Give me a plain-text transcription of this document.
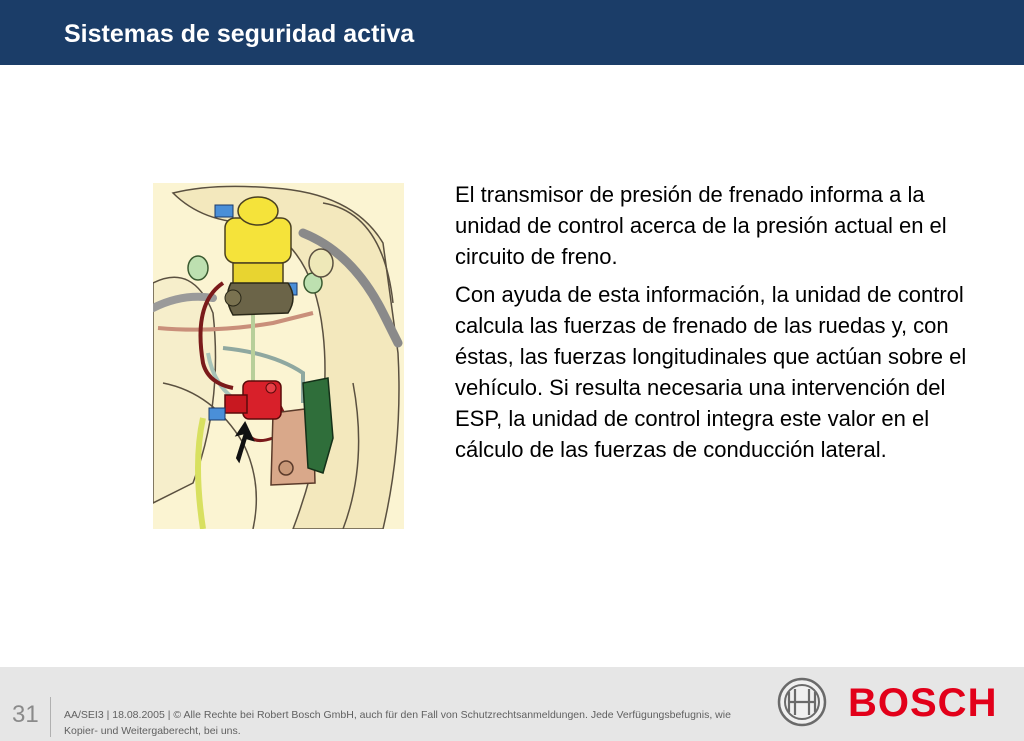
Sistemas de seguridad activa

El transmisor de presión de frenado informa a la unidad de control acerca de la presión actual en el circuito de freno.

Con ayuda de esta información, la unidad de control calcula las fuerzas de frenado de las ruedas y, con éstas, las fuerzas longitudinales que actúan sobre el vehículo. Si resulta necesaria una intervención del ESP, la unidad de control integra este valor en el cálculo de las fuerzas de conducción lateral.

31 AA/SEI3 | 18.08.2005 | © Alle Rechte bei Robert Bosch GmbH, auch für den Fall von Schutzrechtsanmeldungen. Jede Verfügungsbefugnis, wie Kopier- und Weitergaberecht, bei uns.
BOSCH
